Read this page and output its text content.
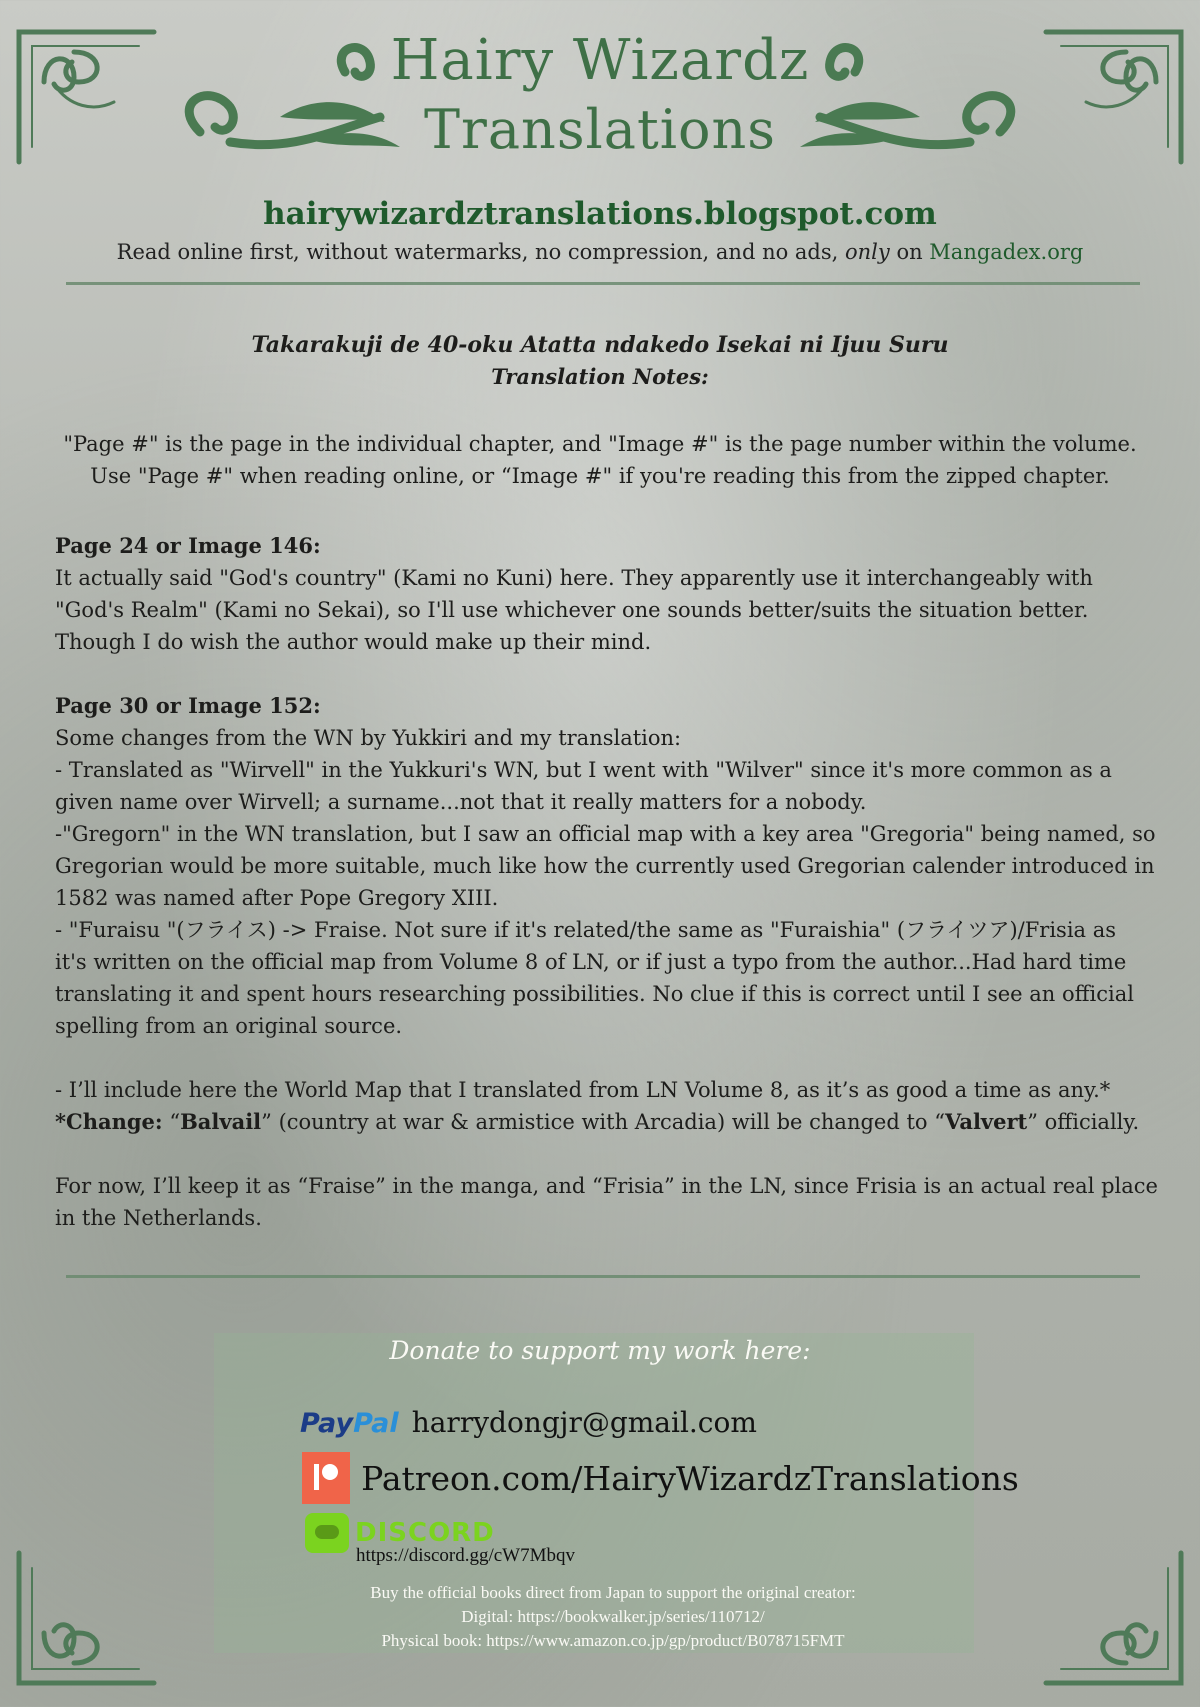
Hairy Wizardz
Translations
hairywizardztranslations.blogspot.com
Read online first, without watermarks, no compression, and no ads, only on Mangadex.org
Takarakuji de 40-oku Atatta ndakedo Isekai ni Ijuu Suru
Translation Notes:
"Page #" is the page in the individual chapter, and "Image #" is the page number within the volume.
Use "Page #" when reading online, or “Image #" if you're reading this from the zipped chapter.

Page 24 or Image 146:

It actually said "God's country" (Kami no Kuni) here. They apparently use it interchangeably with

"God's Realm" (Kami no Sekai), so I'll use whichever one sounds better/suits the situation better.

Though I do wish the author would make up their mind.

Page 30 or Image 152:

Some changes from the WN by Yukkiri and my translation:

- Translated as "Wirvell" in the Yukkuri's WN, but I went with "Wilver" since it's more common as a

given name over Wirvell; a surname...not that it really matters for a nobody.

-"Gregorn" in the WN translation, but I saw an official map with a key area "Gregoria" being named, so

Gregorian would be more suitable, much like how the currently used Gregorian calender introduced in

1582 was named after Pope Gregory XIII.

- "Furaisu "(フライス) -> Fraise. Not sure if it's related/the same as "Furaishia" (フライツア)/Frisia as

it's written on the official map from Volume 8 of LN, or if just a typo from the author...Had hard time

translating it and spent hours researching possibilities. No clue if this is correct until I see an official

spelling from an original source.

- I’ll include here the World Map that I translated from LN Volume 8, as it’s as good a time as any.*

*Change: “Balvail” (country at war & armistice with Arcadia) will be changed to “Valvert” officially.

For now, I’ll keep it as “Fraise” in the manga, and “Frisia” in the LN, since Frisia is an actual real place

in the Netherlands.

Donate to support my work here:
PayPal harrydongjr@gmail.com
Patreon.com/HairyWizardzTranslations
DISCORD
https://discord.gg/cW7Mbqv
Buy the official books direct from Japan to support the original creator:
Digital: https://bookwalker.jp/series/110712/
Physical book: https://www.amazon.co.jp/gp/product/B078715FMT
